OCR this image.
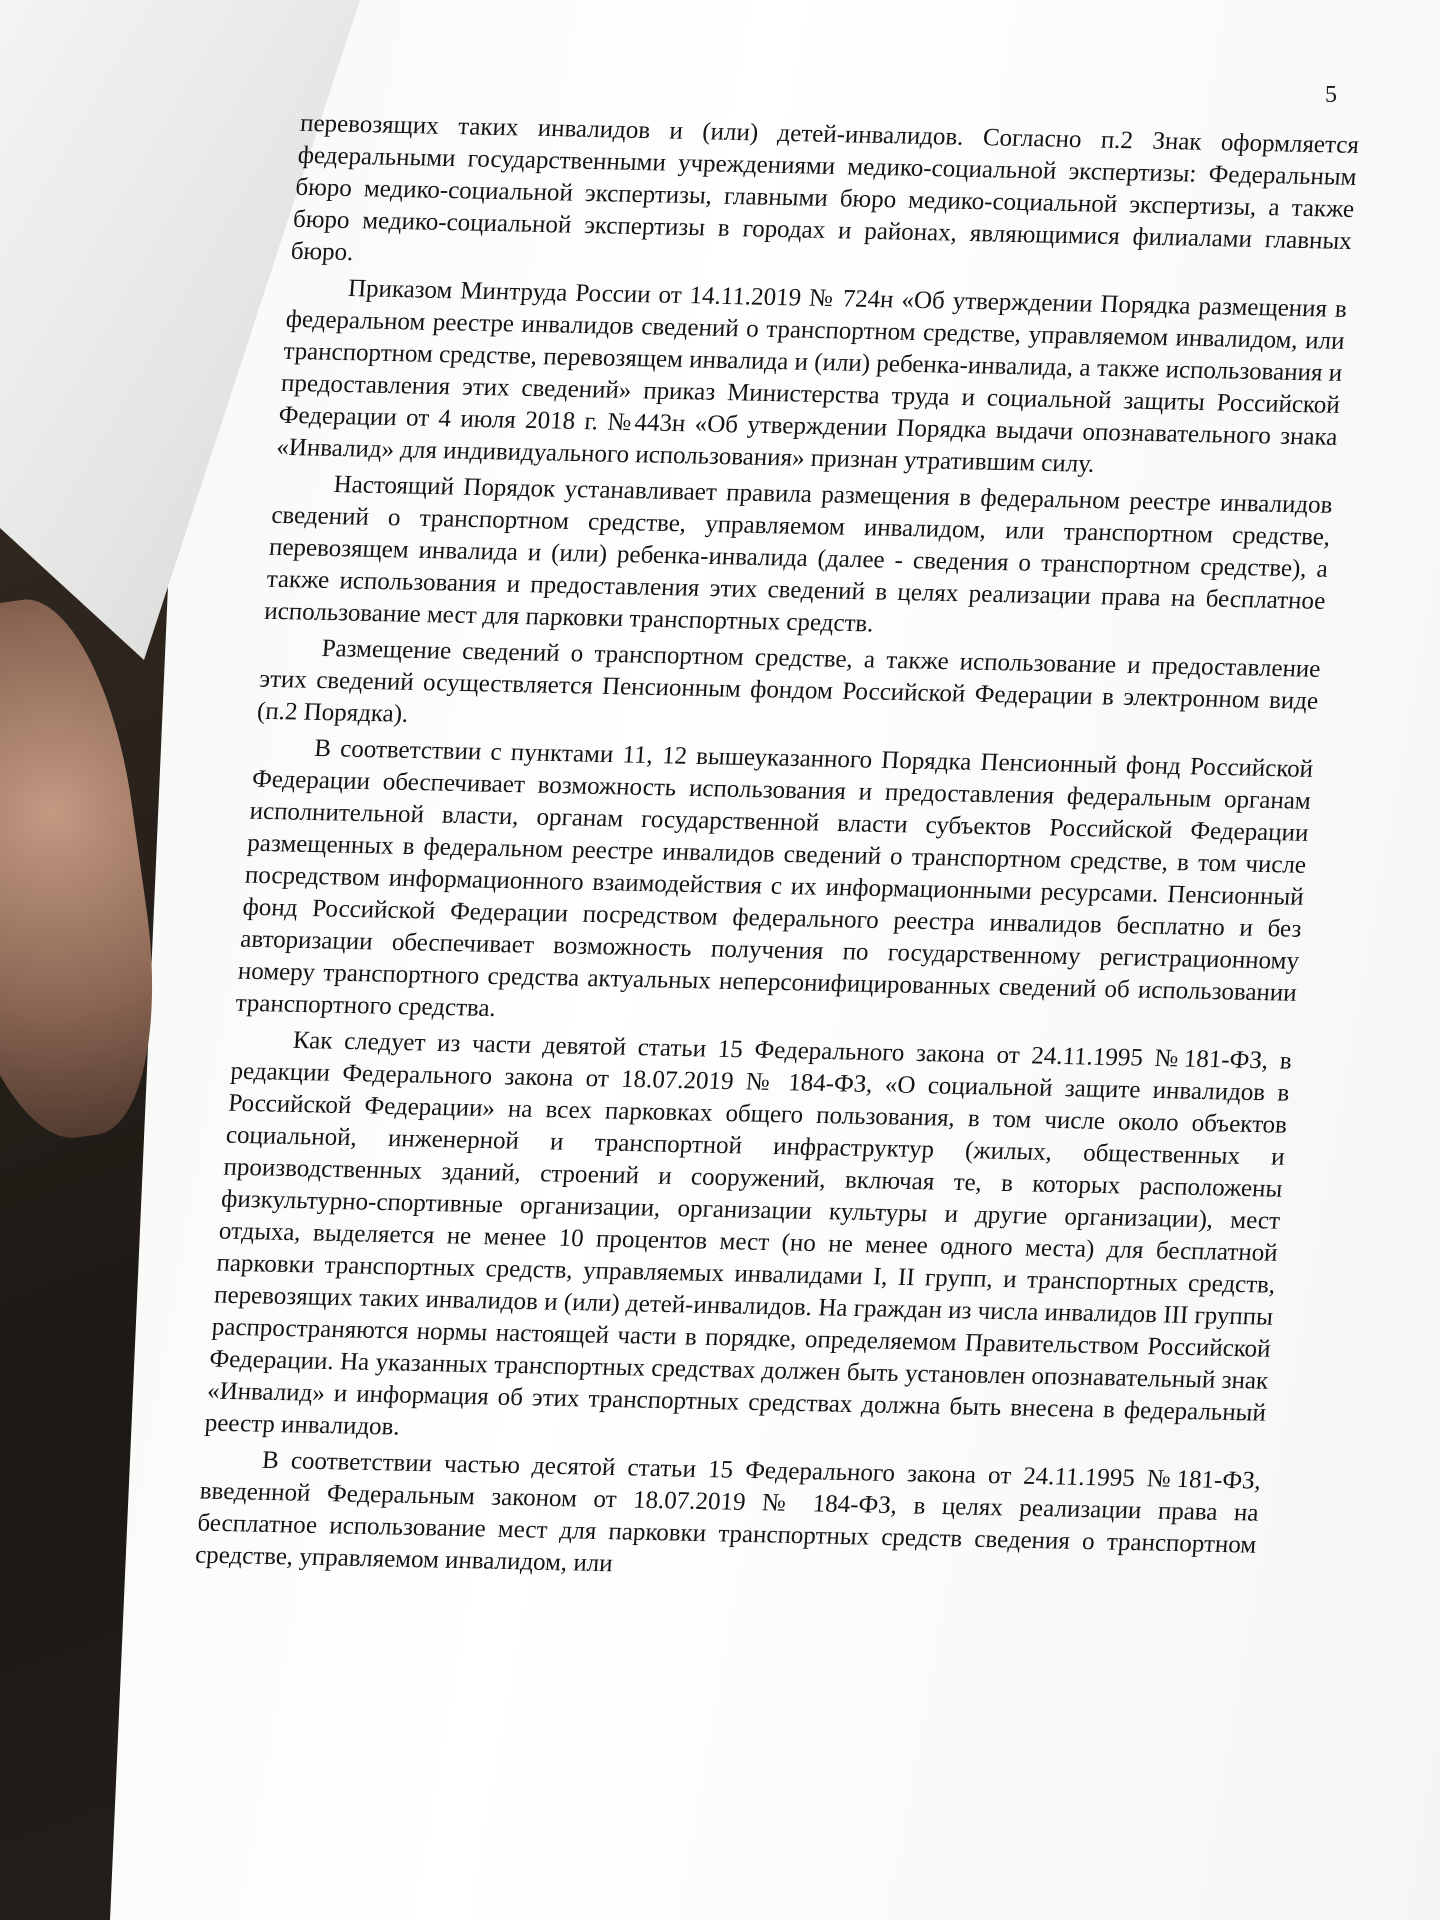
5

перевозящих таких инвалидов и (или) детей-инвалидов. Согласно п.2 Знак оформляется федеральными государственными учреждениями медико-социальной экспертизы: Федеральным бюро медико-социальной экспертизы, главными бюро медико-социальной экспертизы, а также бюро медико-социальной экспертизы в городах и районах, являющимися филиалами главных бюро.

Приказом Минтруда России от 14.11.2019 № 724н «Об утверждении Порядка размещения в федеральном реестре инвалидов сведений о транспортном средстве, управляемом инвалидом, или транспортном средстве, перевозящем инвалида и (или) ребенка-инвалида, а также использования и предоставления этих сведений» приказ Министерства труда и социальной защиты Российской Федерации от 4 июля 2018 г. №443н «Об утверждении Порядка выдачи опознавательного знака «Инвалид» для индивидуального использования» признан утратившим силу.

Настоящий Порядок устанавливает правила размещения в федеральном реестре инвалидов сведений о транспортном средстве, управляемом инвалидом, или транспортном средстве, перевозящем инвалида и (или) ребенка-инвалида (далее - сведения о транспортном средстве), а также использования и предоставления этих сведений в целях реализации права на бесплатное использование мест для парковки транспортных средств.

Размещение сведений о транспортном средстве, а также использование и предоставление этих сведений осуществляется Пенсионным фондом Российской Федерации в электронном виде (п.2 Порядка).

В соответствии с пунктами 11, 12 вышеуказанного Порядка Пенсионный фонд Российской Федерации обеспечивает возможность использования и предоставления федеральным органам исполнительной власти, органам государственной власти субъектов Российской Федерации размещенных в федеральном реестре инвалидов сведений о транспортном средстве, в том числе посредством информационного взаимодействия с их информационными ресурсами. Пенсионный фонд Российской Федерации посредством федерального реестра инвалидов бесплатно и без авторизации обеспечивает возможность получения по государственному регистрационному номеру транспортного средства актуальных неперсонифицированных сведений об использовании транспортного средства.

Как следует из части девятой статьи 15 Федерального закона от 24.11.1995 №181-ФЗ, в редакции Федерального закона от 18.07.2019 № 184-ФЗ, «О социальной защите инвалидов в Российской Федерации» на всех парковках общего пользования, в том числе около объектов социальной, инженерной и транспортной инфраструктур (жилых, общественных и производственных зданий, строений и сооружений, включая те, в которых расположены физкультурно-спортивные организации, организации культуры и другие организации), мест отдыха, выделяется не менее 10 процентов мест (но не менее одного места) для бесплатной парковки транспортных средств, управляемых инвалидами I, II групп, и транспортных средств, перевозящих таких инвалидов и (или) детей-инвалидов. На граждан из числа инвалидов III группы распространяются нормы настоящей части в порядке, определяемом Правительством Российской Федерации. На указанных транспортных средствах должен быть установлен опознавательный знак «Инвалид» и информация об этих транспортных средствах должна быть внесена в федеральный реестр инвалидов.

В соответствии частью десятой статьи 15 Федерального закона от 24.11.1995 №181-ФЗ, введенной Федеральным законом от 18.07.2019 № 184-ФЗ, в целях реализации права на бесплатное использование мест для парковки транспортных средств сведения о транспортном средстве, управляемом инвалидом, или
